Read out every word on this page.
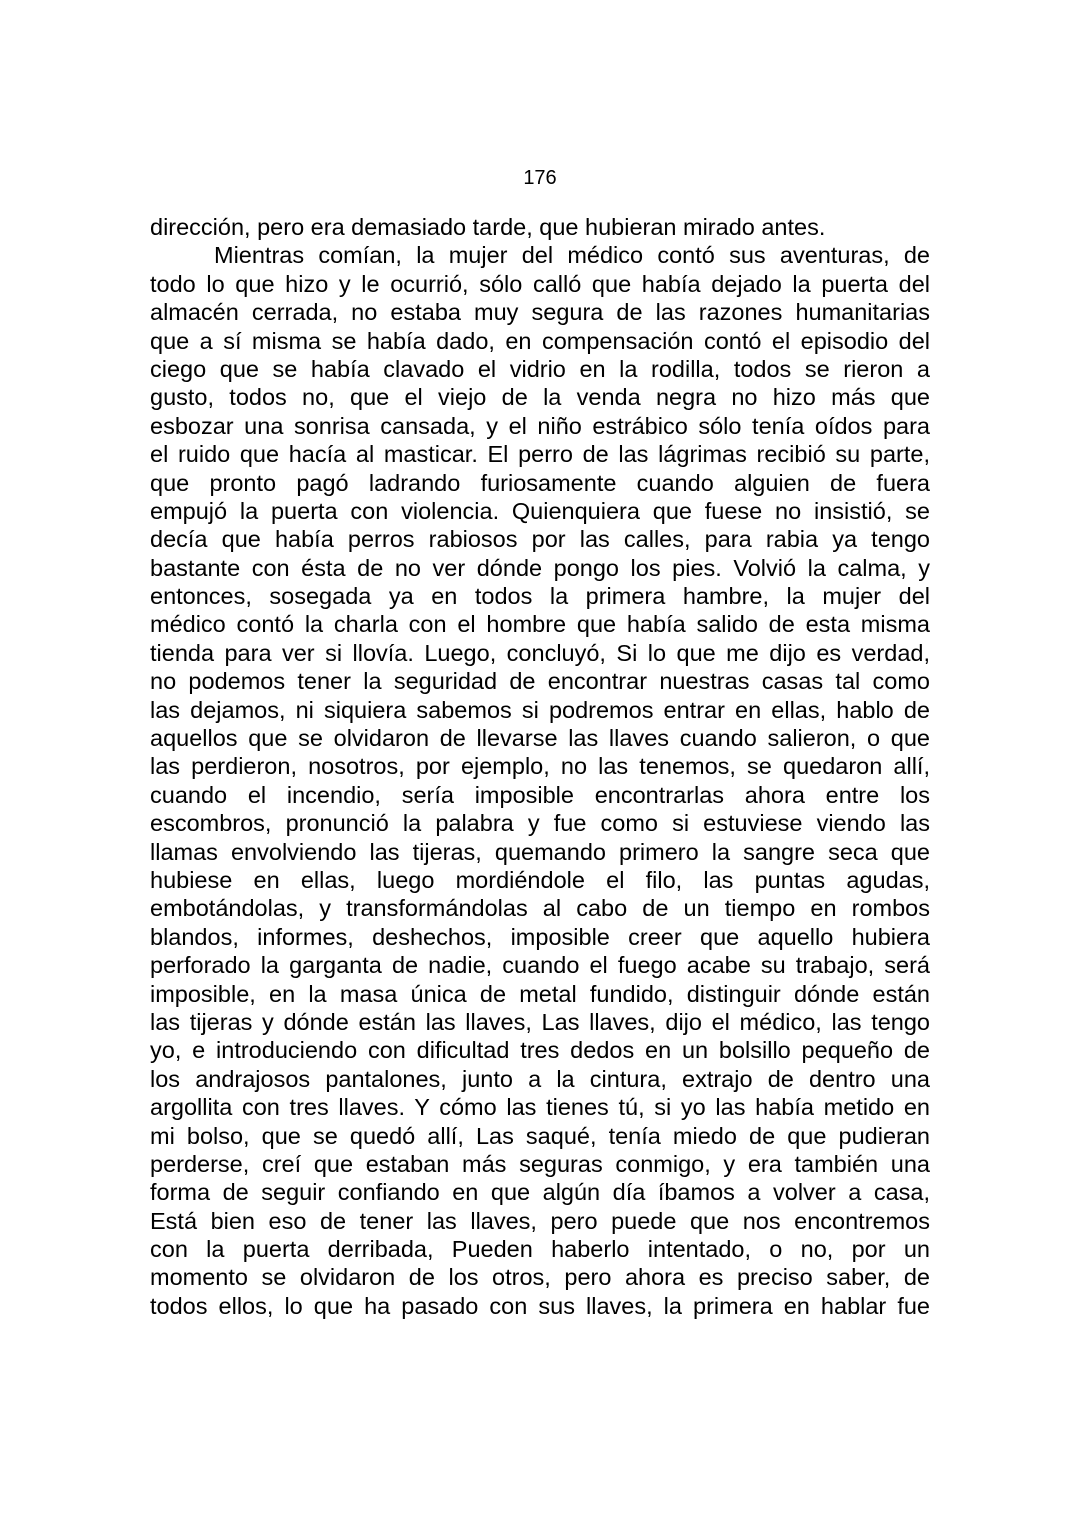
176
dirección, pero era demasiado tarde, que hubieran mirado antes.
Mientras comían, la mujer del médico contó sus aventuras, de
todo lo que hizo y le ocurrió, sólo calló que había dejado la puerta del
almacén cerrada, no estaba muy segura de las razones humanitarias
que a sí misma se había dado, en compensación contó el episodio del
ciego que se había clavado el vidrio en la rodilla, todos se rieron a
gusto, todos no, que el viejo de la venda negra no hizo más que
esbozar una sonrisa cansada, y el niño estrábico sólo tenía oídos para
el ruido que hacía al masticar. El perro de las lágrimas recibió su parte,
que pronto pagó ladrando furiosamente cuando alguien de fuera
empujó la puerta con violencia. Quienquiera que fuese no insistió, se
decía que había perros rabiosos por las calles, para rabia ya tengo
bastante con ésta de no ver dónde pongo los pies. Volvió la calma, y
entonces, sosegada ya en todos la primera hambre, la mujer del
médico contó la charla con el hombre que había salido de esta misma
tienda para ver si llovía. Luego, concluyó, Si lo que me dijo es verdad,
no podemos tener la seguridad de encontrar nuestras casas tal como
las dejamos, ni siquiera sabemos si podremos entrar en ellas, hablo de
aquellos que se olvidaron de llevarse las llaves cuando salieron, o que
las perdieron, nosotros, por ejemplo, no las tenemos, se quedaron allí,
cuando el incendio, sería imposible encontrarlas ahora entre los
escombros, pronunció la palabra y fue como si estuviese viendo las
llamas envolviendo las tijeras, quemando primero la sangre seca que
hubiese en ellas, luego mordiéndole el filo, las puntas agudas,
embotándolas, y transformándolas al cabo de un tiempo en rombos
blandos, informes, deshechos, imposible creer que aquello hubiera
perforado la garganta de nadie, cuando el fuego acabe su trabajo, será
imposible, en la masa única de metal fundido, distinguir dónde están
las tijeras y dónde están las llaves, Las llaves, dijo el médico, las tengo
yo, e introduciendo con dificultad tres dedos en un bolsillo pequeño de
los andrajosos pantalones, junto a la cintura, extrajo de dentro una
argollita con tres llaves. Y cómo las tienes tú, si yo las había metido en
mi bolso, que se quedó allí, Las saqué, tenía miedo de que pudieran
perderse, creí que estaban más seguras conmigo, y era también una
forma de seguir confiando en que algún día íbamos a volver a casa,
Está bien eso de tener las llaves, pero puede que nos encontremos
con la puerta derribada, Pueden haberlo intentado, o no, por un
momento se olvidaron de los otros, pero ahora es preciso saber, de
todos ellos, lo que ha pasado con sus llaves, la primera en hablar fue
